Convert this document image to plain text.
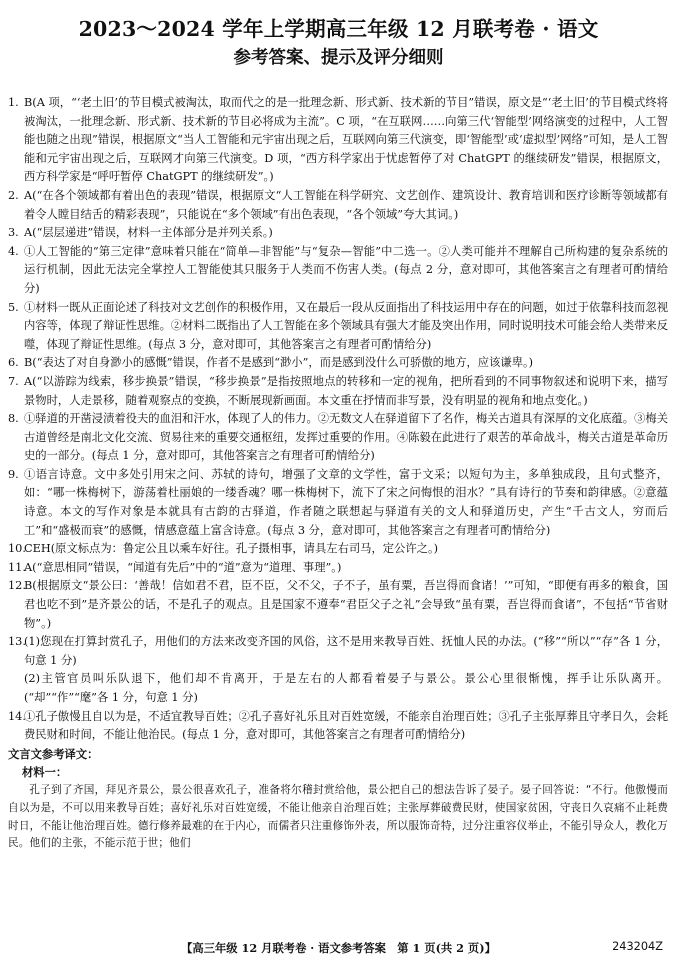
2023～2024 学年上学期高三年级 12 月联考卷 · 语文
参考答案、提示及评分细则
1. B(A 项，“‘老土旧’的节目模式被淘汰，取而代之的是一批理念新、形式新、技术新的节目”错误，原文是“‘老土旧’的节目模式终将被淘汰，一批理念新、形式新、技术新的节目必将成为主流”。C 项，“在互联网……向第三代‘智能型’网络演变的过程中，人工智能也随之出现”错误，根据原文“当人工智能和元宇宙出现之后，互联网向第三代演变，即‘智能型’或‘虚拟型’网络”可知，是人工智能和元宇宙出现之后，互联网才向第三代演变。D 项，“西方科学家出于忧虑暂停了对 ChatGPT 的继续研发”错误，根据原文，西方科学家是“呼吁暂停 ChatGPT 的继续研发”。)
2. A(“在各个领域都有着出色的表现”错误，根据原文“人工智能在科学研究、文艺创作、建筑设计、教育培训和医疗诊断等领域都有着令人瞠目结舌的精彩表现”，只能说在“多个领域”有出色表现，“各个领域”夸大其词。)
3. A(“层层递进”错误，材料一主体部分是并列关系。)
4. ①人工智能的“第三定律”意味着只能在“简单—非智能”与“复杂—智能”中二选一。②人类可能并不理解自己所构建的复杂系统的运行机制，因此无法完全掌控人工智能使其只服务于人类而不伤害人类。(每点 2 分，意对即可，其他答案言之有理者可酌情给分)
5. ①材料一既从正面论述了科技对文艺创作的积极作用，又在最后一段从反面指出了科技运用中存在的问题，如过于依靠科技而忽视内容等，体现了辩证性思维。②材料二既指出了人工智能在多个领域具有强大才能及突出作用，同时说明技术可能会给人类带来反噬，体现了辩证性思维。(每点 3 分，意对即可，其他答案言之有理者可酌情给分)
6. B(“表达了对自身渺小的感慨”错误，作者不是感到“渺小”，而是感到没什么可骄傲的地方，应该谦卑。)
7. A(“以游踪为线索，移步换景”错误，“移步换景”是指按照地点的转移和一定的视角，把所看到的不同事物叙述和说明下来，描写景物时，人走景移，随着观察点的变换，不断展现新画面。本文重在抒情而非写景，没有明显的视角和地点变化。)
8. ①驿道的开凿浸渍着役夫的血泪和汗水，体现了人的伟力。②无数文人在驿道留下了名作，梅关古道具有深厚的文化底蕴。③梅关古道曾经是南北文化交流、贸易往来的重要交通枢纽，发挥过重要的作用。④陈毅在此进行了艰苦的革命战斗，梅关古道是革命历史的一部分。(每点 1 分，意对即可，其他答案言之有理者可酌情给分)
9. ①语言诗意。文中多处引用宋之问、苏轼的诗句，增强了文章的文学性，富于文采；以短句为主，多单独成段，且句式整齐，如：“哪一株梅树下，游荡着杜丽娘的一缕香魂？哪一株梅树下，流下了宋之问悔恨的泪水？”具有诗行的节奏和韵律感。②意蕴诗意。本文的写作对象是本就具有古韵的古驿道，作者随之联想起与驿道有关的文人和驿道历史，产生“千古文人，穷而后工”和“盛极而衰”的感慨，情感意蕴上富含诗意。(每点 3 分，意对即可，其他答案言之有理者可酌情给分)
10.
CEH(原文标点为：鲁定公且以乘车好往。孔子摄相事，请具左右司马，定公许之。)
11.
A(“意思相同”错误，“闻道有先后”中的“道”意为“道理、事理”。)
12.
B(根据原文“景公曰：‘善哉！信如君不君，臣不臣，父不父，子不子，虽有粟，吾岂得而食诸！’”可知，“即便有再多的粮食，国君也吃不到”是齐景公的话，不是孔子的观点。且是国家不遵奉“君臣父子之礼”会导致“虽有粟，吾岂得而食诸”，不包括“节省财物”。)
13.
(1)您现在打算封赏孔子，用他们的方法来改变齐国的风俗，这不是用来教导百姓、抚恤人民的办法。(“移”“所以”“存”各 1 分，句意 1 分)
(2)主管官员叫乐队退下，他们却不肯离开，于是左右的人都看着晏子与景公。景公心里很惭愧，挥手让乐队离开。(“却”“作”“麾”各 1 分，句意 1 分)
14.
①孔子傲慢且自以为是，不适宜教导百姓；②孔子喜好礼乐且对百姓宽缓，不能亲自治理百姓；③孔子主张厚葬且守孝日久，会耗费民财和时间，不能让他治民。(每点 1 分，意对即可，其他答案言之有理者可酌情给分)
文言文参考译文：
材料一：
孔子到了齐国，拜见齐景公，景公很喜欢孔子，准备将尔稽封赏给他，景公把自己的想法告诉了晏子。晏子回答说：“不行。他傲慢而自以为是，不可以用来教导百姓；喜好礼乐对百姓宽缓，不能让他亲自治理百姓；主张厚葬破费民财，使国家贫困，守丧日久哀痛不止耗费时日，不能让他治理百姓。德行修养最难的在于内心，而儒者只注重修饰外表，所以服饰奇特，过分注重容仪举止，不能引导众人，教化万民。他们的主张，不能示范于世；他们
【高三年级 12 月联考卷 · 语文参考答案　第 1 页(共 2 页)】	24320​4Z
